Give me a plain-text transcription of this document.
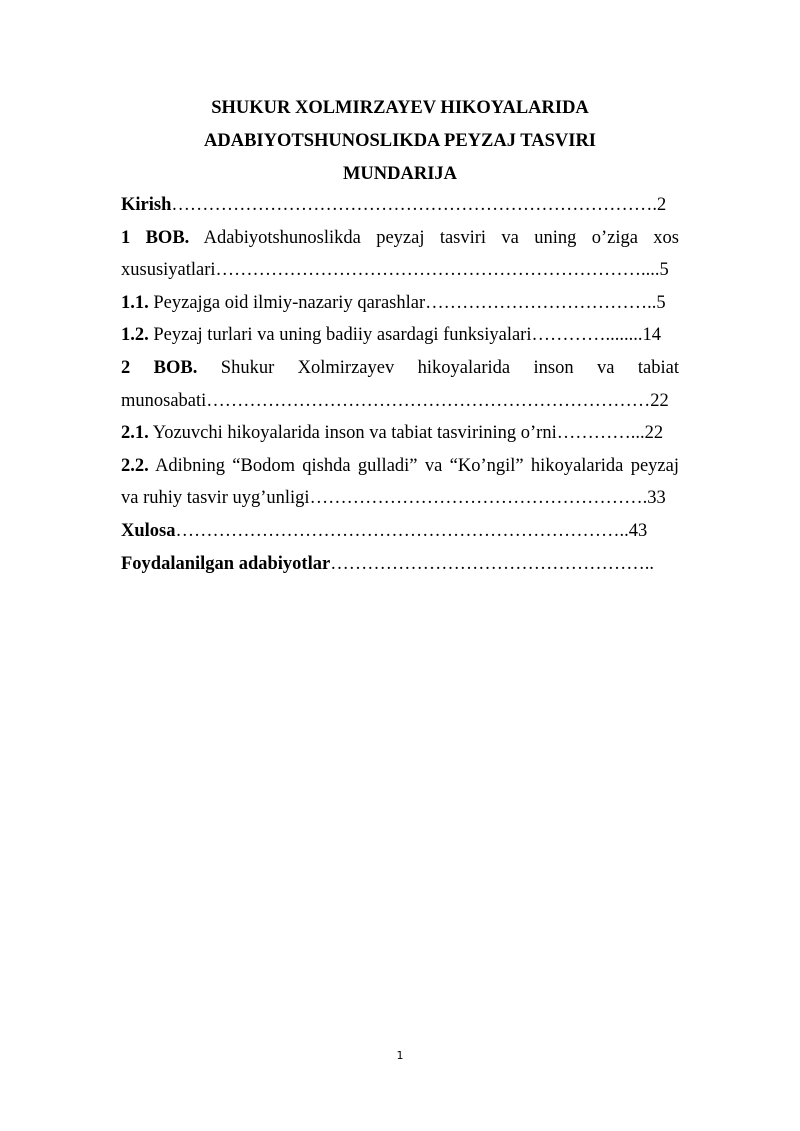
SHUKUR XOLMIRZAYEV HIKOYALARIDA
ADABIYOTSHUNOSLIKDA PEYZAJ TASVIRI
MUNDARIJA
Kirish…………………………………………………………………….2
1 BOB. Adabiyotshunoslikda peyzaj tasviri va uning o’ziga xos
xususiyatlari……………………………………………………………....5
1.1. Peyzajga oid ilmiy-nazariy qarashlar………………………………..5
1.2. Peyzaj turlari va uning badiiy asardagi funksiyalari…………........14
2 BOB. Shukur Xolmirzayev hikoyalarida inson va tabiat
munosabati………………………………………………………………22
2.1. Yozuvchi hikoyalarida inson va tabiat tasvirining o’rni…………...22
2.2. Adibning “Bodom qishda gulladi” va “Ko’ngil” hikoyalarida peyzaj
va ruhiy tasvir uyg’unligi……………………………………………….33
Xulosa………………………………………………………………..43
Foydalanilgan adabiyotlar……………………………………………..
1
